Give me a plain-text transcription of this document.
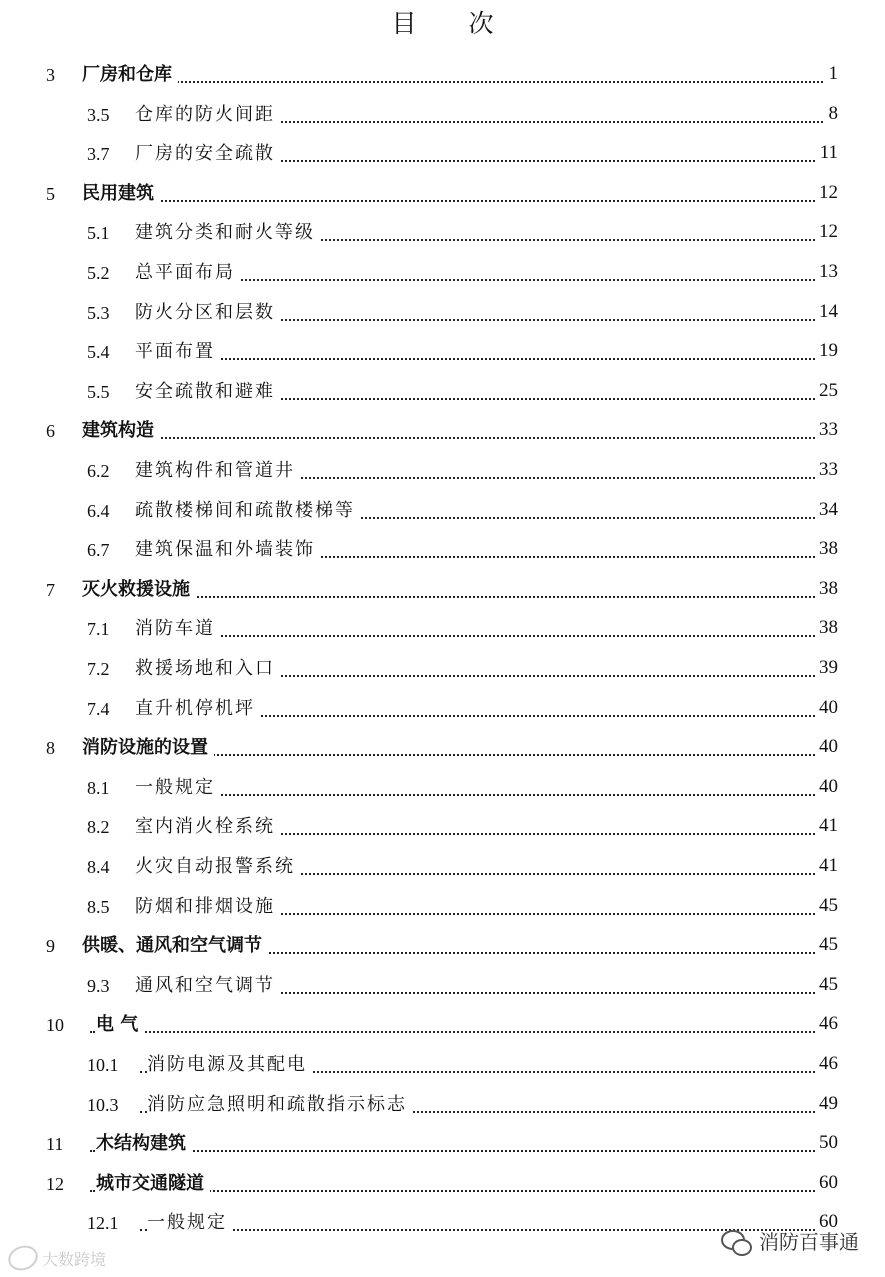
目 次
3 厂房和仓库	1
3.5 仓库的防火间距	8
3.7 厂房的安全疏散	11
5 民用建筑	12
5.1 建筑分类和耐火等级	12
5.2 总平面布局	13
5.3 防火分区和层数	14
5.4 平面布置	19
5.5 安全疏散和避难	25
6 建筑构造	33
6.2 建筑构件和管道井	33
6.4 疏散楼梯间和疏散楼梯等	34
6.7 建筑保温和外墙装饰	38
7 灭火救援设施	38
7.1 消防车道	38
7.2 救援场地和入口	39
7.4 直升机停机坪	40
8 消防设施的设置	40
8.1 一般规定	40
8.2 室内消火栓系统	41
8.4 火灾自动报警系统	41
8.5 防烟和排烟设施	45
9 供暖、通风和空气调节	45
9.3 通风和空气调节	45
10 电 气	46
10.1 消防电源及其配电	46
10.3 消防应急照明和疏散指示标志	49
11 木结构建筑	50
12 城市交通隧道	60
12.1 一般规定	60
大数跨境
消防百事通
